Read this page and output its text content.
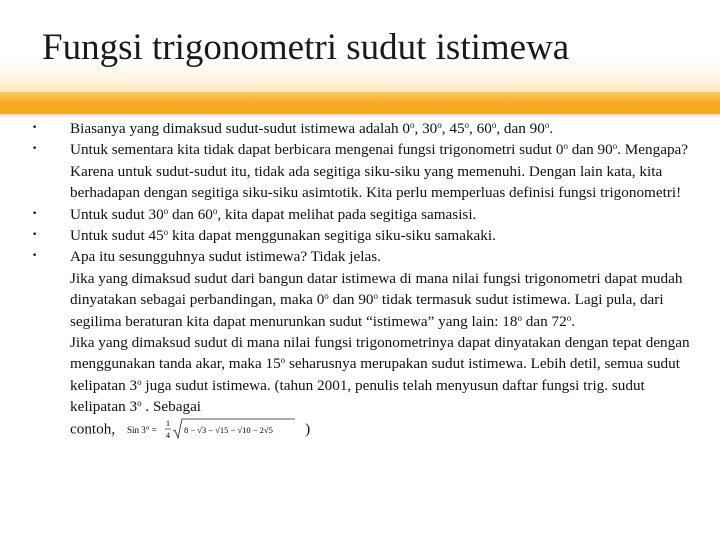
Fungsi trigonometri sudut istimewa
•	Biasanya yang dimaksud sudut-sudut istimewa adalah 0$^o$, 30$^o$, 45$^o$, 60$^o$, dan 90$^o$.
•	Untuk sementara kita tidak dapat berbicara mengenai fungsi trigonometri sudut 0$^o$ dan 90$^o$. Mengapa? Karena untuk sudut-sudut itu, tidak ada segitiga siku-siku yang memenuhi. Dengan lain kata, kita berhadapan dengan segitiga siku-siku asimtotik. Kita perlu memperluas definisi fungsi trigonometri!
•	Untuk sudut 30$^o$ dan 60$^o$, kita dapat melihat pada segitiga samasisi.
•	Untuk sudut 45$^o$ kita dapat menggunakan segitiga siku-siku samakaki.
•	Apa itu sesungguhnya sudut istimewa? Tidak jelas.
Jika yang dimaksud sudut dari bangun datar istimewa di mana nilai fungsi trigonometri dapat mudah dinyatakan sebagai perbandingan, maka 0$^o$ dan 90$^o$ tidak termasuk sudut istimewa. Lagi pula, dari segilima beraturan kita dapat menurunkan sudut “istimewa” yang lain: 18$^o$ dan 72$^o$.
Jika yang dimaksud sudut di mana nilai fungsi trigonometrinya dapat dinyatakan dengan tepat dengan menggunakan tanda akar, maka 15$^o$ seharusnya merupakan sudut istimewa. Lebih detil, semua sudut kelipatan 3$^o$ juga sudut istimewa. (tahun 2001, penulis telah menyusun daftar fungsi trig. sudut kelipatan 3$^o$ . Sebagai
contoh, Sin 3° =
1
4
8 − √3 − √15 − √10 − 2√5 )
